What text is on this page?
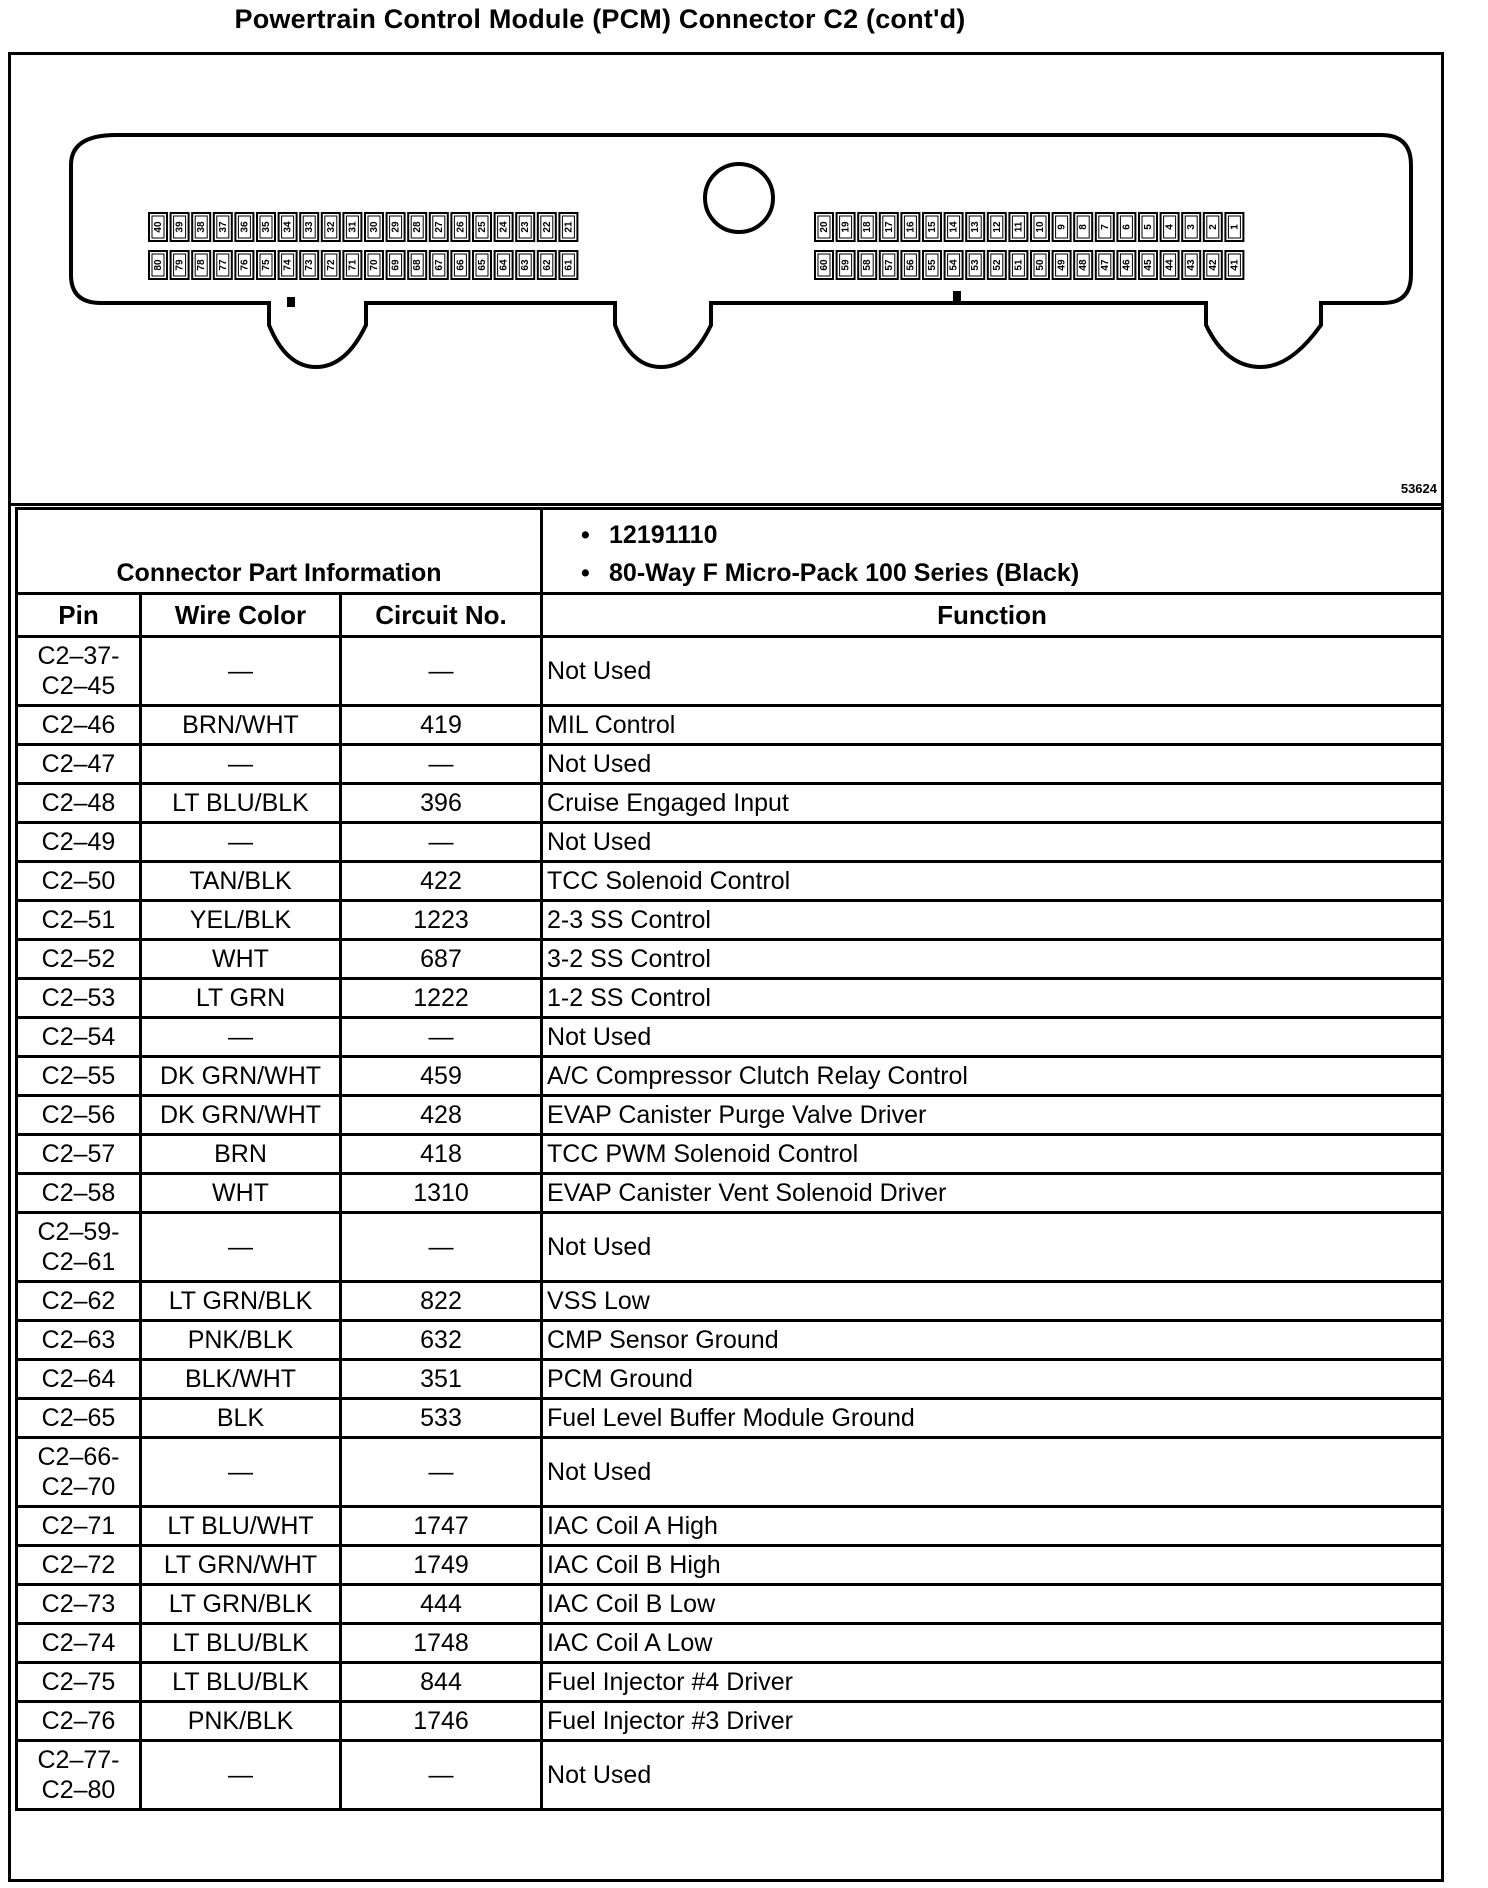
Powertrain Control Module (PCM) Connector C2 (cont'd)
40 39 38 37 36 35 34 33 32 31 30 29 28 27 26 25 24 23 22 21
80 79 78 77 76 75 74 73 72 71 70 69 68 67 66 65 64 63 62 61
20 19 18 17 16 15 14 13 12 11 10 9 8 7 6 5 4 3 2 1
60 59 58 57 56 55 54 53 52 51 50 49 48 47 46 45 44 43 42 41
53624
Connector Part Information			• 12191110
• 80-Way F Micro-Pack 100 Series (Black)

Pin	Wire Color	Circuit No.	Function
C2–37-C2–45	—	—	Not Used
C2–46	BRN/WHT	419	MIL Control
C2–47	—	—	Not Used
C2–48	LT BLU/BLK	396	Cruise Engaged Input
C2–49	—	—	Not Used
C2–50	TAN/BLK	422	TCC Solenoid Control
C2–51	YEL/BLK	1223	2-3 SS Control
C2–52	WHT	687	3-2 SS Control
C2–53	LT GRN	1222	1-2 SS Control
C2–54	—	—	Not Used
C2–55	DK GRN/WHT	459	A/C Compressor Clutch Relay Control
C2–56	DK GRN/WHT	428	EVAP Canister Purge Valve Driver
C2–57	BRN	418	TCC PWM Solenoid Control
C2–58	WHT	1310	EVAP Canister Vent Solenoid Driver
C2–59-C2–61	—	—	Not Used
C2–62	LT GRN/BLK	822	VSS Low
C2–63	PNK/BLK	632	CMP Sensor Ground
C2–64	BLK/WHT	351	PCM Ground
C2–65	BLK	533	Fuel Level Buffer Module Ground
C2–66-C2–70	—	—	Not Used
C2–71	LT BLU/WHT	1747	IAC Coil A High
C2–72	LT GRN/WHT	1749	IAC Coil B High
C2–73	LT GRN/BLK	444	IAC Coil B Low
C2–74	LT BLU/BLK	1748	IAC Coil A Low
C2–75	LT BLU/BLK	844	Fuel Injector #4 Driver
C2–76	PNK/BLK	1746	Fuel Injector #3 Driver
C2–77-C2–80	—	—	Not Used
